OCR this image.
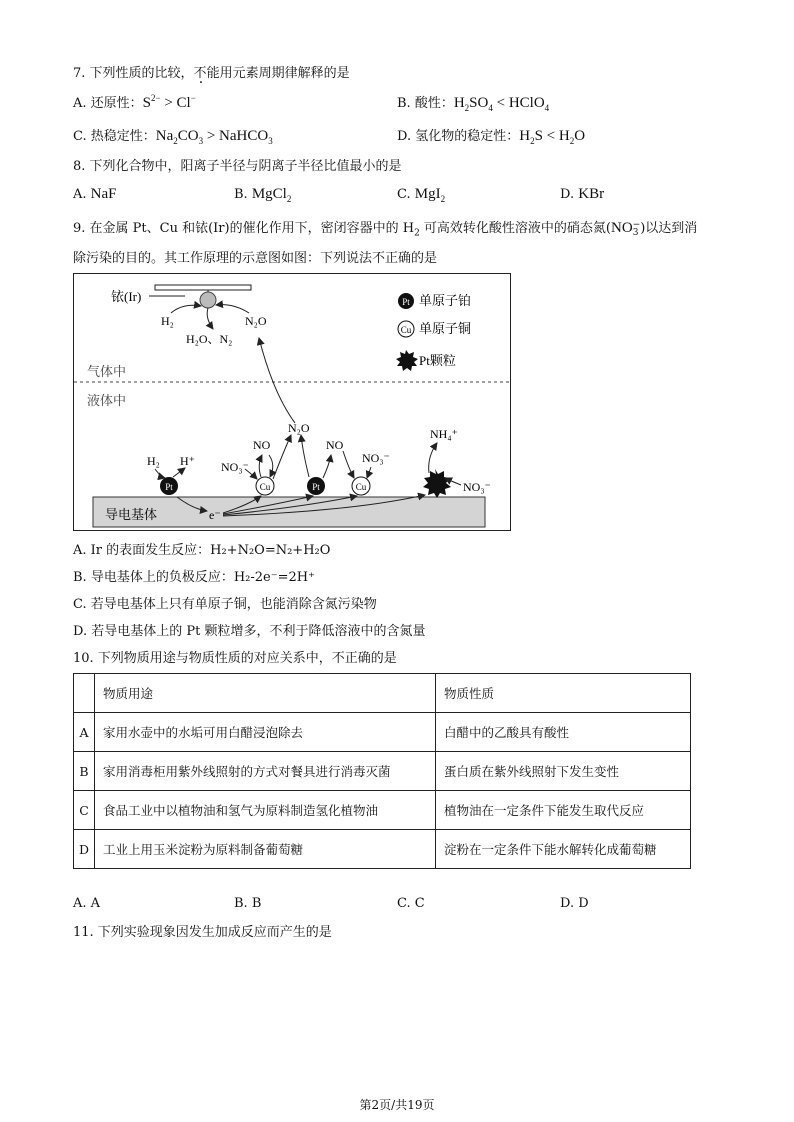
7. 下列性质的比较，不能用元素周期律解释的是
A. 还原性：$S^{2-} > Cl^-$	B. 酸性：$H_2SO_4$ < HClO$_4$
C. 热稳定性：$Na_2CO_3$ > NaHCO$_3$	D. 氢化物的稳定性：$H_2S < H_2O$
8. 下列化合物中，阳离子半径与阴离子半径比值最小的是
A. NaF	B. MgCl$_2$	C. MgI$_2$	D. KBr
9. 在金属 Pt、Cu 和铱(Ir)的催化作用下，密闭容器中的 $H_2$ 可高效转化酸性溶液中的硝态氮(NO−
3 )以达到消
除污染的目的。其工作原理的示意图如图：下列说法不正确的是
铱(Ir)
H₂	N₂O
H₂O、N₂
Pt 单原子铂
Cu 单原子铜
Pt颗粒
气体中
液体中
N₂O	NH₄⁺
导电基体	e⁻
Pt
H₂ H⁺
Cu
NO₃⁻
NO
Pt
NO
Cu
NO₃⁻
NO₃⁻
A. Ir 的表面发生反应：H₂+N₂O=N₂+H₂O
B. 导电基体上的负极反应：H₂-2e⁻=2H⁺
C. 若导电基体上只有单原子铜，也能消除含氮污染物
D. 若导电基体上的 Pt 颗粒增多，不利于降低溶液中的含氮量
10. 下列物质用途与物质性质的对应关系中，不正确的是
	物质用途	物质性质
A	家用水壶中的水垢可用白醋浸泡除去	白醋中的乙酸具有酸性
B	家用消毒柜用紫外线照射的方式对餐具进行消毒灭菌	蛋白质在紫外线照射下发生变性
C	食品工业中以植物油和氢气为原料制造氢化植物油	植物油在一定条件下能发生取代反应
D	工业上用玉米淀粉为原料制备葡萄糖	淀粉在一定条件下能水解转化成葡萄糖
A. A	B. B	C. C	D. D
11. 下列实验现象因发生加成反应而产生的是
第2页/共19页
